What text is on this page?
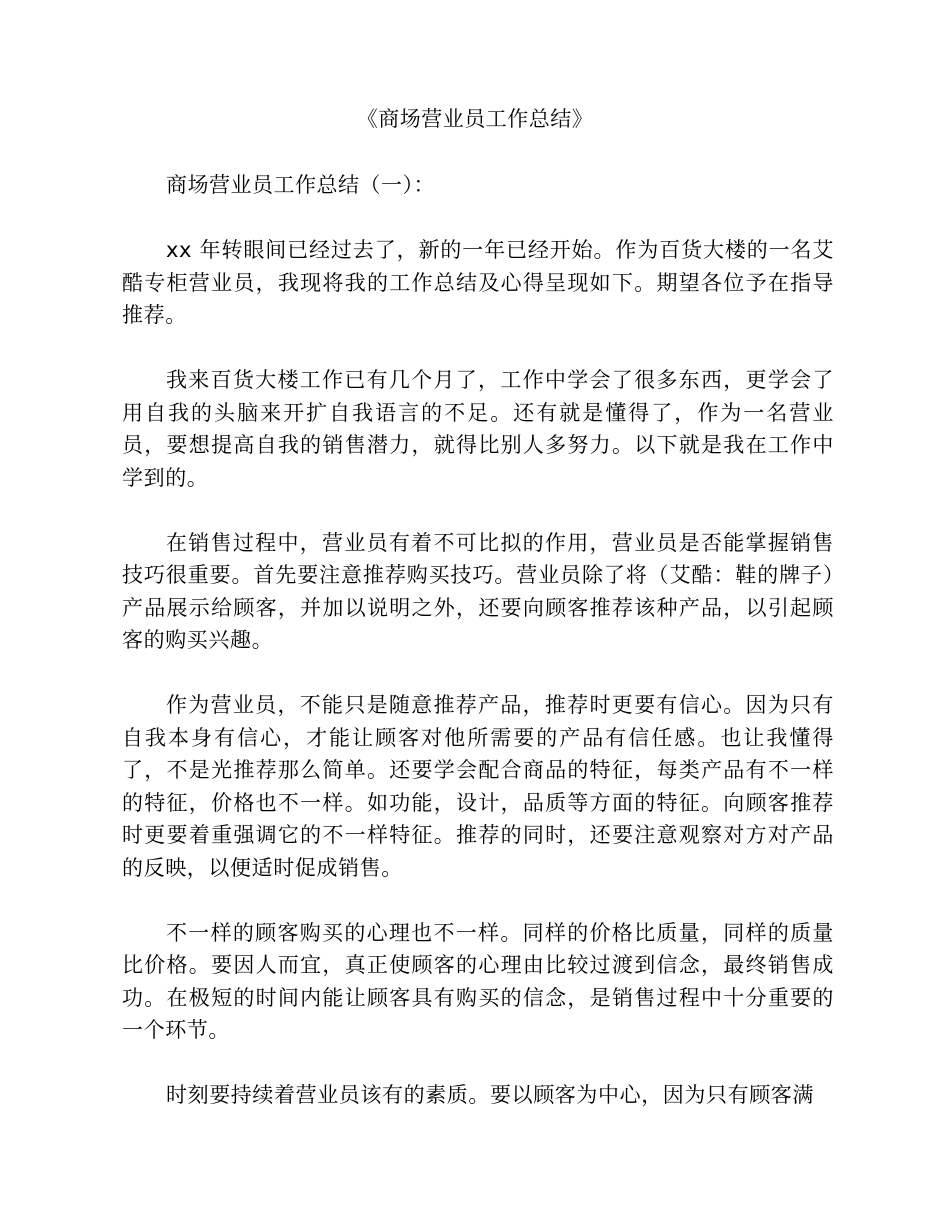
《商场营业员工作总结》
商场营业员工作总结（一）：

xx 年转眼间已经过去了，新的一年已经开始。作为百货大楼的一名艾酷专柜营业员，我现将我的工作总结及心得呈现如下。期望各位予在指导推荐。

我来百货大楼工作已有几个月了，工作中学会了很多东西，更学会了用自我的头脑来开扩自我语言的不足。还有就是懂得了，作为一名营业员，要想提高自我的销售潜力，就得比别人多努力。以下就是我在工作中学到的。

在销售过程中，营业员有着不可比拟的作用，营业员是否能掌握销售技巧很重要。首先要注意推荐购买技巧。营业员除了将（艾酷：鞋的牌子）产品展示给顾客，并加以说明之外，还要向顾客推荐该种产品，以引起顾客的购买兴趣。

作为营业员，不能只是随意推荐产品，推荐时更要有信心。因为只有自我本身有信心，才能让顾客对他所需要的产品有信任感。也让我懂得了，不是光推荐那么简单。还要学会配合商品的特征，每类产品有不一样的特征，价格也不一样。如功能，设计，品质等方面的特征。向顾客推荐时更要着重强调它的不一样特征。推荐的同时，还要注意观察对方对产品的反映，以便适时促成销售。

不一样的顾客购买的心理也不一样。同样的价格比质量，同样的质量比价格。要因人而宜，真正使顾客的心理由比较过渡到信念，最终销售成功。在极短的时间内能让顾客具有购买的信念，是销售过程中十分重要的一个环节。

时刻要持续着营业员该有的素质。要以顾客为中心，因为只有顾客满
